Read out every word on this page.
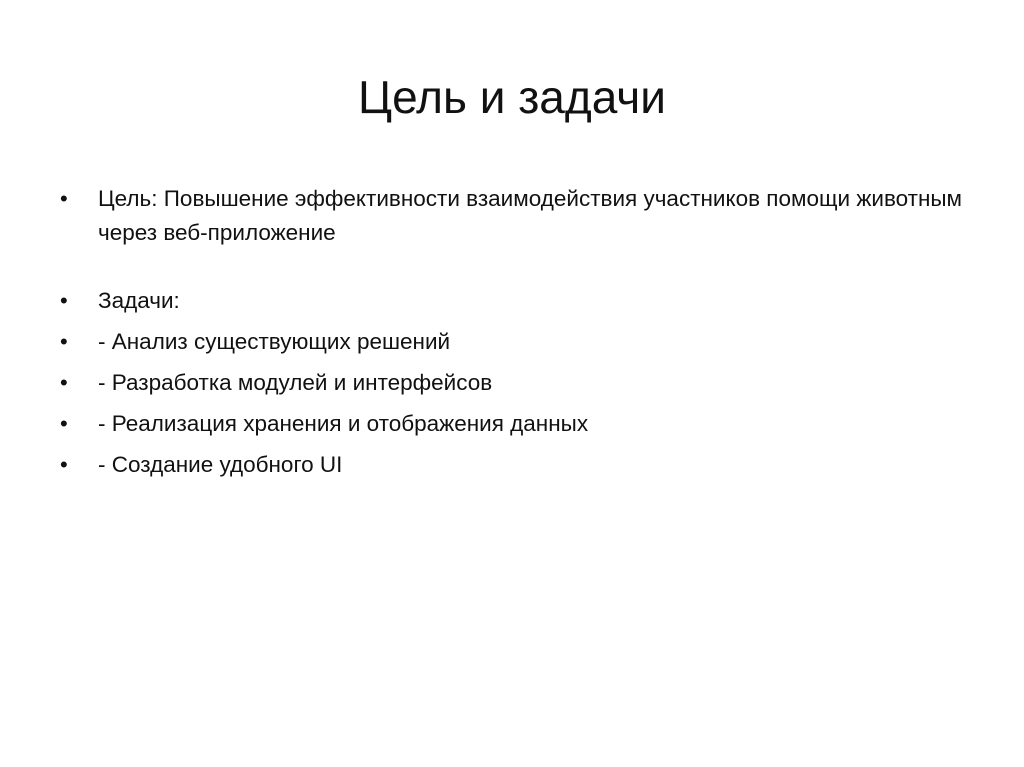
Цель и задачи
• Цель: Повышение эффективности взаимодействия участников помощи животным через веб-приложение
• Задачи:
• - Анализ существующих решений
• - Разработка модулей и интерфейсов
• - Реализация хранения и отображения данных
• - Создание удобного UI
